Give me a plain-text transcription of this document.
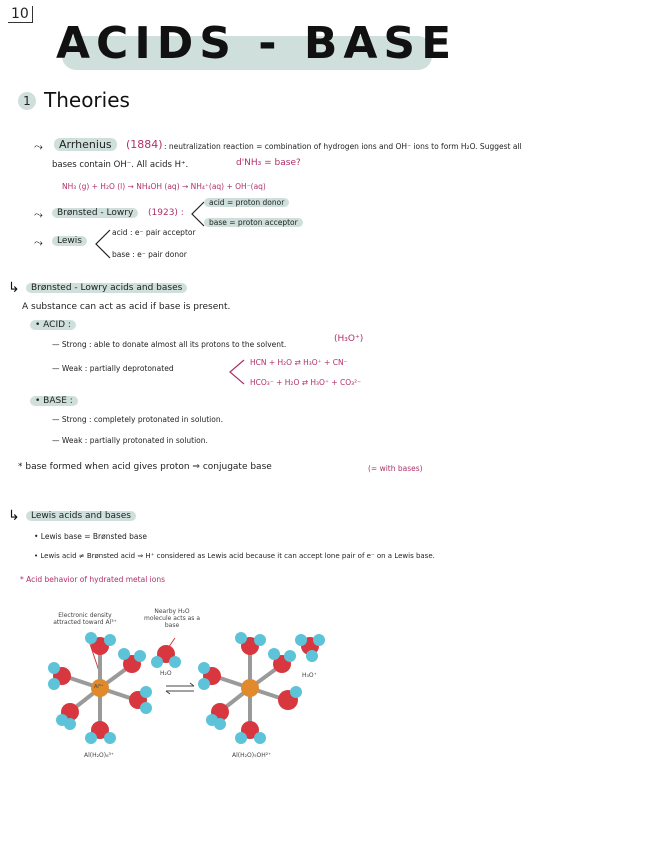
10
ACIDS - BASE
1 Theories
⤳	Arrhenius	(1884) : neutralization reaction = combination of hydrogen ions and OH⁻ ions to form H₂O. Suggest all
bases contain OH⁻. All acids H⁺.	d'NH₃ = base?
NH₃ (g) + H₂O (l) → NH₄OH (aq) → NH₄⁺(aq) + OH⁻(aq)
⤳	Brønsted - Lowry	(1923) :
acid = proton donor
base = proton acceptor
⤳	Lewis
acid : e⁻ pair acceptor
base : e⁻ pair donor
↳	Brønsted - Lowry acids and bases
A substance can act as acid if base is present.
• ACID :
— Strong : able to donate almost all its protons to the solvent.
(H₃O⁺)
— Weak : partially deprotonated
HCN + H₂O ⇄ H₃O⁺ + CN⁻
HCO₃⁻ + H₂O ⇄ H₃O⁺ + CO₃²⁻
• BASE :
— Strong : completely protonated in solution.
— Weak : partially protonated in solution.
* base formed when acid gives proton ⇒ conjugate base	(= with bases)
↳	Lewis acids and bases
• Lewis base = Brønsted base
• Lewis acid ≠ Brønsted acid ⇒ H⁺ considered as Lewis acid because it can accept lone pair of e⁻ on a Lewis base.
* Acid behavior of hydrated metal ions
Electronic density attracted toward Al³⁺
Nearby H₂O molecule acts as a base
Al³⁺
H₂O	H₃O⁺
Al(H₂O)₆³⁺	Al(H₂O)₅OH²⁺
